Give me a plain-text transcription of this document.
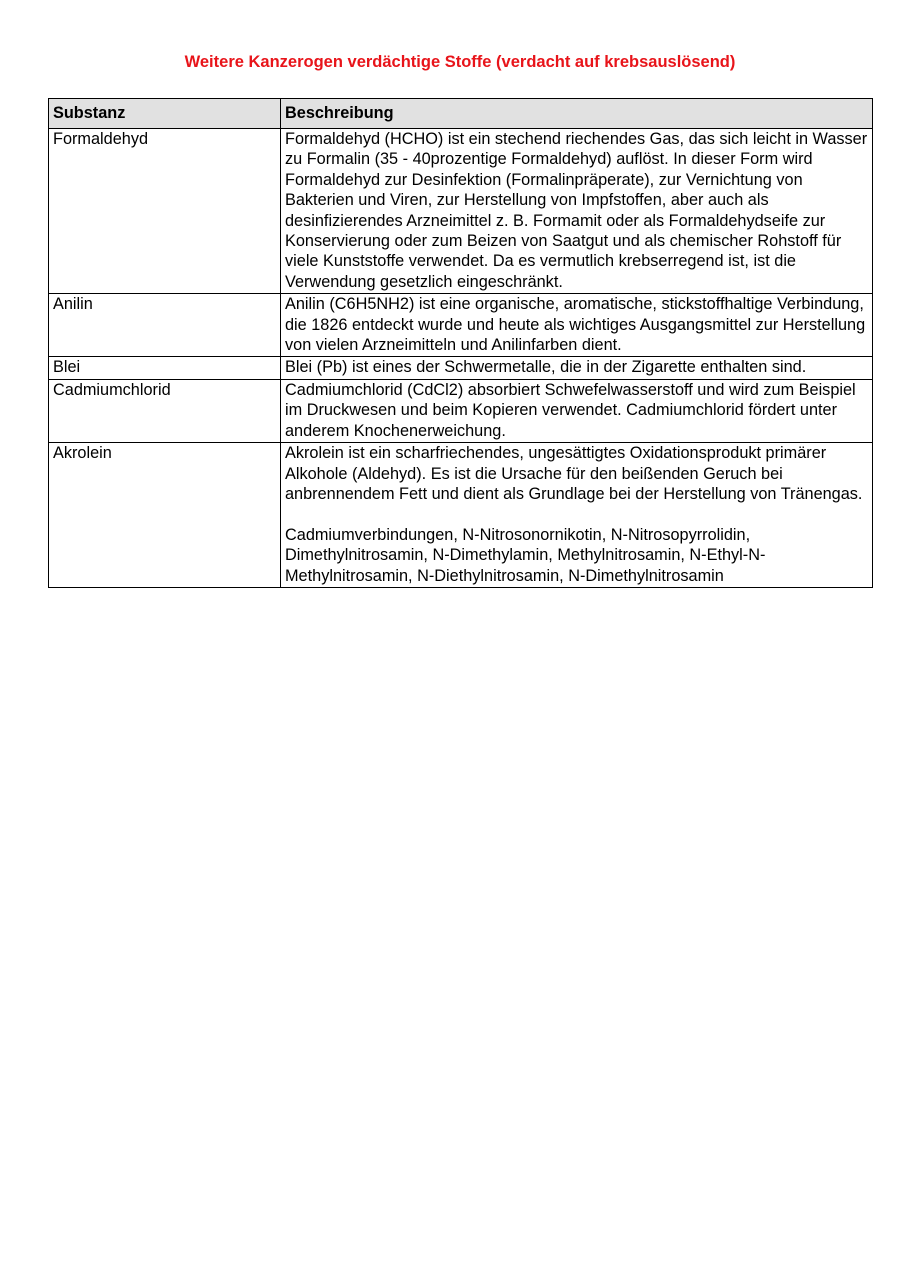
Weitere Kanzerogen verdächtige Stoffe (verdacht auf krebsauslösend)
Substanz	Beschreibung
Formaldehyd	Formaldehyd (HCHO) ist ein stechend riechendes Gas, das sich leicht in Wasser zu Formalin (35 - 40prozentige Formaldehyd) auflöst. In dieser Form wird Formaldehyd zur Desinfektion (Formalinpräperate), zur Vernichtung von Bakterien und Viren, zur Herstellung von Impfstoffen, aber auch als desinfizierendes Arzneimittel z. B. Formamit oder als Formaldehydseife zur Konservierung oder zum Beizen von Saatgut und als chemischer Rohstoff für viele Kunststoffe verwendet. Da es vermutlich krebserregend ist, ist die Verwendung gesetzlich eingeschränkt.

Anilin	Anilin (C6H5NH2) ist eine organische, aromatische, stickstoffhaltige Verbindung, die 1826 entdeckt wurde und heute als wichtiges Ausgangsmittel zur Herstellung von vielen Arzneimitteln und Anilinfarben dient.

Blei	Blei (Pb) ist eines der Schwermetalle, die in der Zigarette enthalten sind.

Cadmiumchlorid	Cadmiumchlorid (CdCl2) absorbiert Schwefelwasserstoff und wird zum Beispiel im Druckwesen und beim Kopieren verwendet. Cadmiumchlorid fördert unter anderem Knochenerweichung.

Akrolein	Akrolein ist ein scharfriechendes, ungesättigtes Oxidationsprodukt primärer Alkohole (Aldehyd). Es ist die Ursache für den beißenden Geruch bei anbrennendem Fett und dient als Grundlage bei der Herstellung von Tränengas.

Cadmiumverbindungen, N-Nitrosonornikotin, N-Nitrosopyrrolidin, Dimethylnitrosamin, N-Dimethylamin, Methylnitrosamin, N-Ethyl-N-Methylnitrosamin, N-Diethylnitrosamin, N-Dimethylnitrosamin
